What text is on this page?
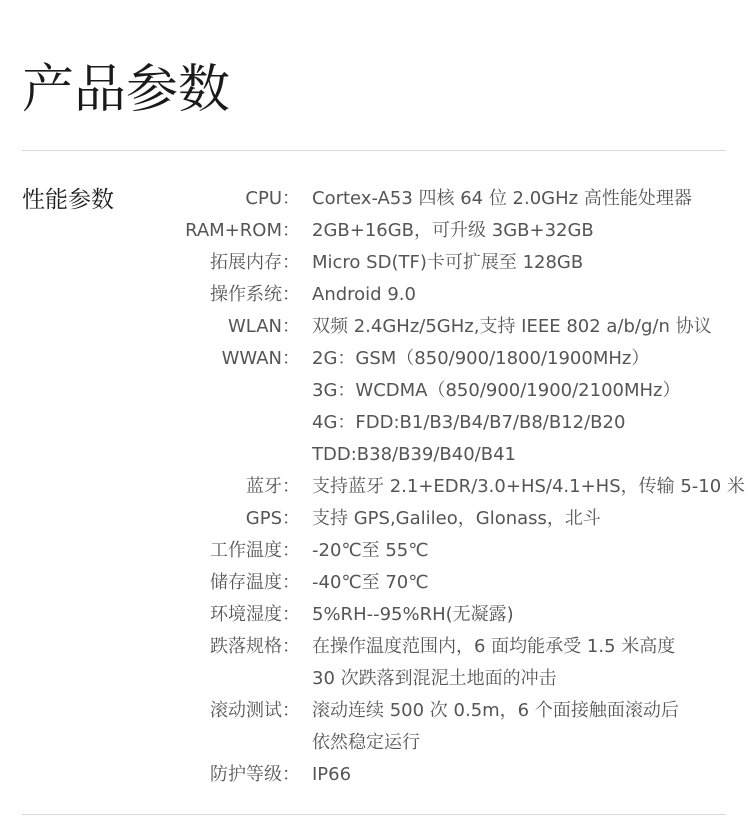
产品参数
性能参数	CPU： Cortex-A53 四核 64 位 2.0GHz 高性能处理器
RAM+ROM： 2GB+16GB，可升级 3GB+32GB
拓展内存： Micro SD(TF)卡可扩展至 128GB
操作系统： Android 9.0
WLAN： 双频 2.4GHz/5GHz,支持 IEEE 802 a/b/g/n 协议
WWAN： 2G：GSM（850/900/1800/1900MHz）
3G：WCDMA（850/900/1900/2100MHz）
4G：FDD:B1/B3/B4/B7/B8/B12/B20
TDD:B38/B39/B40/B41
蓝牙： 支持蓝牙 2.1+EDR/3.0+HS/4.1+HS，传输 5-10 米
GPS： 支持 GPS,Galileo，Glonass，北斗
工作温度： -20℃至 55℃
储存温度： -40℃至 70℃
环境湿度： 5%RH--95%RH(无凝露)
跌落规格： 在操作温度范围内，6 面均能承受 1.5 米高度
30 次跌落到混泥土地面的冲击
滚动测试： 滚动连续 500 次 0.5m，6 个面接触面滚动后
依然稳定运行
防护等级： IP66
